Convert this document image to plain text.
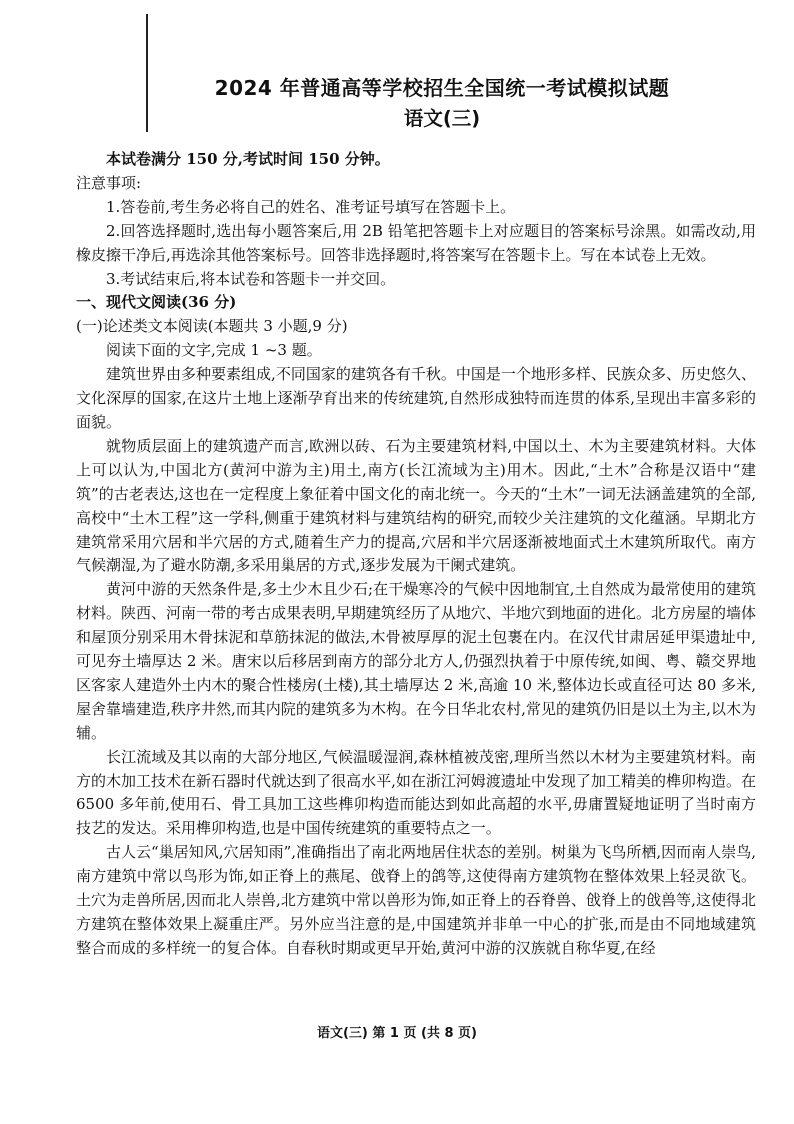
2024 年普通高等学校招生全国统一考试模拟试题
语文(三)

本试卷满分 150 分,考试时间 150 分钟。

注意事项:

1.答卷前,考生务必将自己的姓名、准考证号填写在答题卡上。

2.回答选择题时,选出每小题答案后,用 2B 铅笔把答题卡上对应题目的答案标号涂黑。如需改动,用橡皮擦干净后,再选涂其他答案标号。回答非选择题时,将答案写在答题卡上。写在本试卷上无效。

3.考试结束后,将本试卷和答题卡一并交回。

一、现代文阅读(36 分)

(一)论述类文本阅读(本题共 3 小题,9 分)

阅读下面的文字,完成 1 ~3 题。

建筑世界由多种要素组成,不同国家的建筑各有千秋。中国是一个地形多样、民族众多、历史悠久、文化深厚的国家,在这片土地上逐渐孕育出来的传统建筑,自然形成独特而连贯的体系,呈现出丰富多彩的面貌。

就物质层面上的建筑遗产而言,欧洲以砖、石为主要建筑材料,中国以土、木为主要建筑材料。大体上可以认为,中国北方(黄河中游为主)用土,南方(长江流域为主)用木。因此,“土木”合称是汉语中“建筑”的古老表达,这也在一定程度上象征着中国文化的南北统一。今天的“土木”一词无法涵盖建筑的全部,高校中“土木工程”这一学科,侧重于建筑材料与建筑结构的研究,而较少关注建筑的文化蕴涵。早期北方建筑常采用穴居和半穴居的方式,随着生产力的提高,穴居和半穴居逐渐被地面式土木建筑所取代。南方气候潮湿,为了避水防潮,多采用巢居的方式,逐步发展为干阑式建筑。

黄河中游的天然条件是,多土少木且少石;在干燥寒冷的气候中因地制宜,土自然成为最常使用的建筑材料。陕西、河南一带的考古成果表明,早期建筑经历了从地穴、半地穴到地面的进化。北方房屋的墙体和屋顶分别采用木骨抹泥和草筋抹泥的做法,木骨被厚厚的泥土包裹在内。在汉代甘肃居延甲渠遗址中,可见夯土墙厚达 2 米。唐宋以后移居到南方的部分北方人,仍强烈执着于中原传统,如闽、粤、赣交界地区客家人建造外土内木的聚合性楼房(土楼),其土墙厚达 2 米,高逾 10 米,整体边长或直径可达 80 多米,屋舍靠墙建造,秩序井然,而其内院的建筑多为木构。在今日华北农村,常见的建筑仍旧是以土为主,以木为辅。

长江流域及其以南的大部分地区,气候温暖湿润,森林植被茂密,理所当然以木材为主要建筑材料。南方的木加工技术在新石器时代就达到了很高水平,如在浙江河姆渡遗址中发现了加工精美的榫卯构造。在 6500 多年前,使用石、骨工具加工这些榫卯构造而能达到如此高超的水平,毋庸置疑地证明了当时南方技艺的发达。采用榫卯构造,也是中国传统建筑的重要特点之一。

古人云“巢居知风,穴居知雨”,准确指出了南北两地居住状态的差别。树巢为飞鸟所栖,因而南人崇鸟,南方建筑中常以鸟形为饰,如正脊上的燕尾、戗脊上的鸽等,这使得南方建筑物在整体效果上轻灵欲飞。土穴为走兽所居,因而北人崇兽,北方建筑中常以兽形为饰,如正脊上的吞脊兽、戗脊上的戗兽等,这使得北方建筑在整体效果上凝重庄严。另外应当注意的是,中国建筑并非单一中心的扩张,而是由不同地域建筑整合而成的多样统一的复合体。自春秋时期或更早开始,黄河中游的汉族就自称华夏,在经

语文(三) 第 1 页 (共 8 页)
